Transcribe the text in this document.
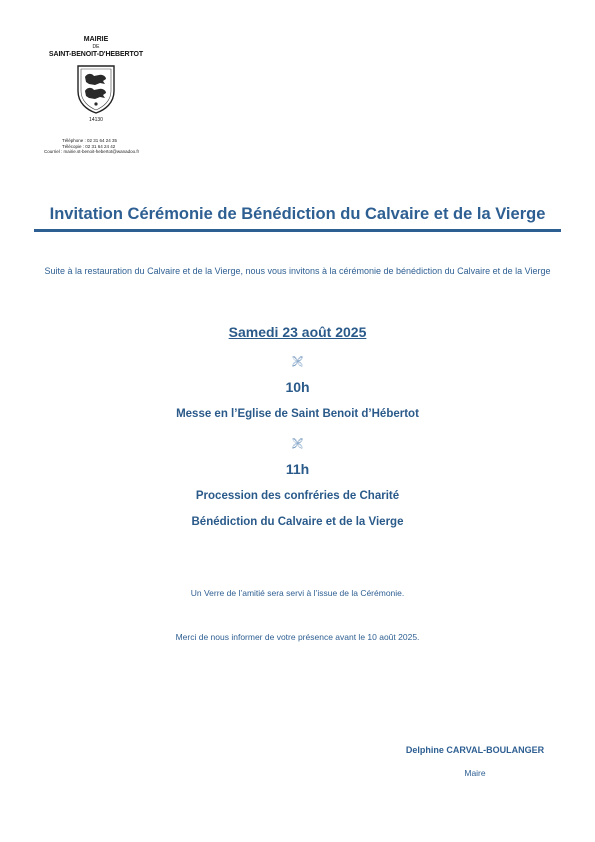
MAIRIE
DE
SAINT-BENOIT-D'HEBERTOT
14130
Téléphone : 02 31 64 24 35
Télécopie : 02 31 64 24 42
Courriel : mairie.st-benoit-hebertot@wanadoo.fr
Invitation Cérémonie de Bénédiction du Calvaire et de la Vierge
Suite à la restauration du Calvaire et de la Vierge, nous vous invitons à la cérémonie de bénédiction du Calvaire et de la Vierge
Samedi 23 août 2025
🙨
10h
Messe en l’Eglise de Saint Benoit d’Hébertot
🙨
11h
Procession des confréries de Charité
Bénédiction du Calvaire et de la Vierge
Un Verre de l’amitié sera servi à l’issue de la Cérémonie.
Merci de nous informer de votre présence avant le 10 août 2025.
Delphine CARVAL-BOULANGER
Maire
